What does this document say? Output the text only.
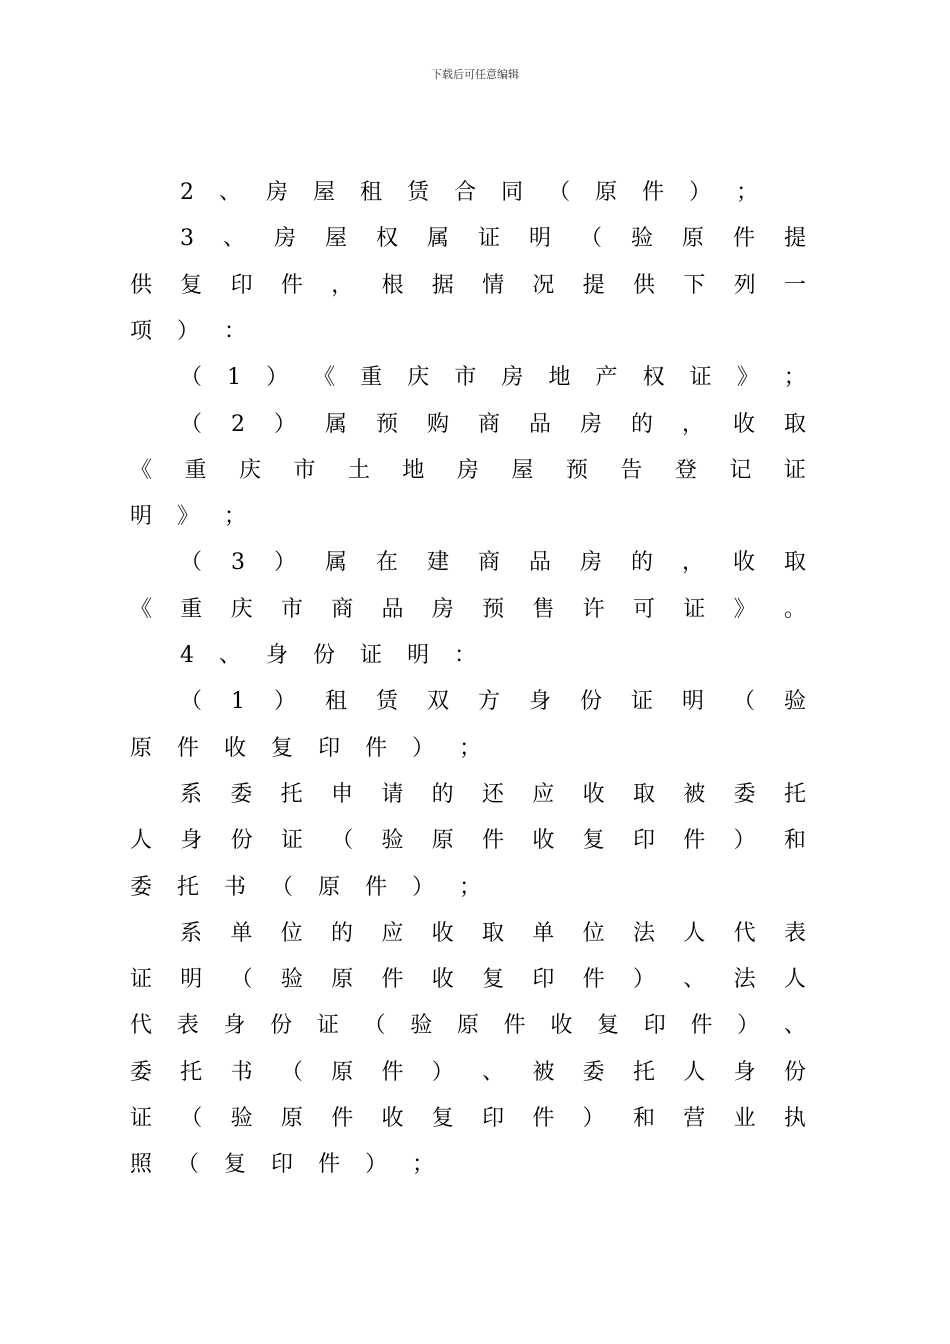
下载后可任意编辑
2 、 房 屋 租 赁 合 同 （ 原 件 ） ；
3 、 房 屋 权 属 证 明 （ 验 原 件 提
供 复 印 件 ， 根 据 情 况 提 供 下 列 一
项 ） ：
（ 1 ） 《 重 庆 市 房 地 产 权 证 》 ；
（ 2 ） 属 预 购 商 品 房 的 ， 收 取
《 重 庆 市 土 地 房 屋 预 告 登 记 证
明 》 ；
（ 3 ） 属 在 建 商 品 房 的 ， 收 取
《 重 庆 市 商 品 房 预 售 许 可 证 》 。
4 、 身 份 证 明 ：
（ 1 ） 租 赁 双 方 身 份 证 明 （ 验
原 件 收 复 印 件 ） ；
系 委 托 申 请 的 还 应 收 取 被 委 托
人 身 份 证 （ 验 原 件 收 复 印 件 ） 和
委 托 书 （ 原 件 ） ；
系 单 位 的 应 收 取 单 位 法 人 代 表
证 明 （ 验 原 件 收 复 印 件 ） 、 法 人
代 表 身 份 证 （ 验 原 件 收 复 印 件 ） 、
委 托 书 （ 原 件 ） 、 被 委 托 人 身 份
证 （ 验 原 件 收 复 印 件 ） 和 营 业 执
照 （ 复 印 件 ） ；
